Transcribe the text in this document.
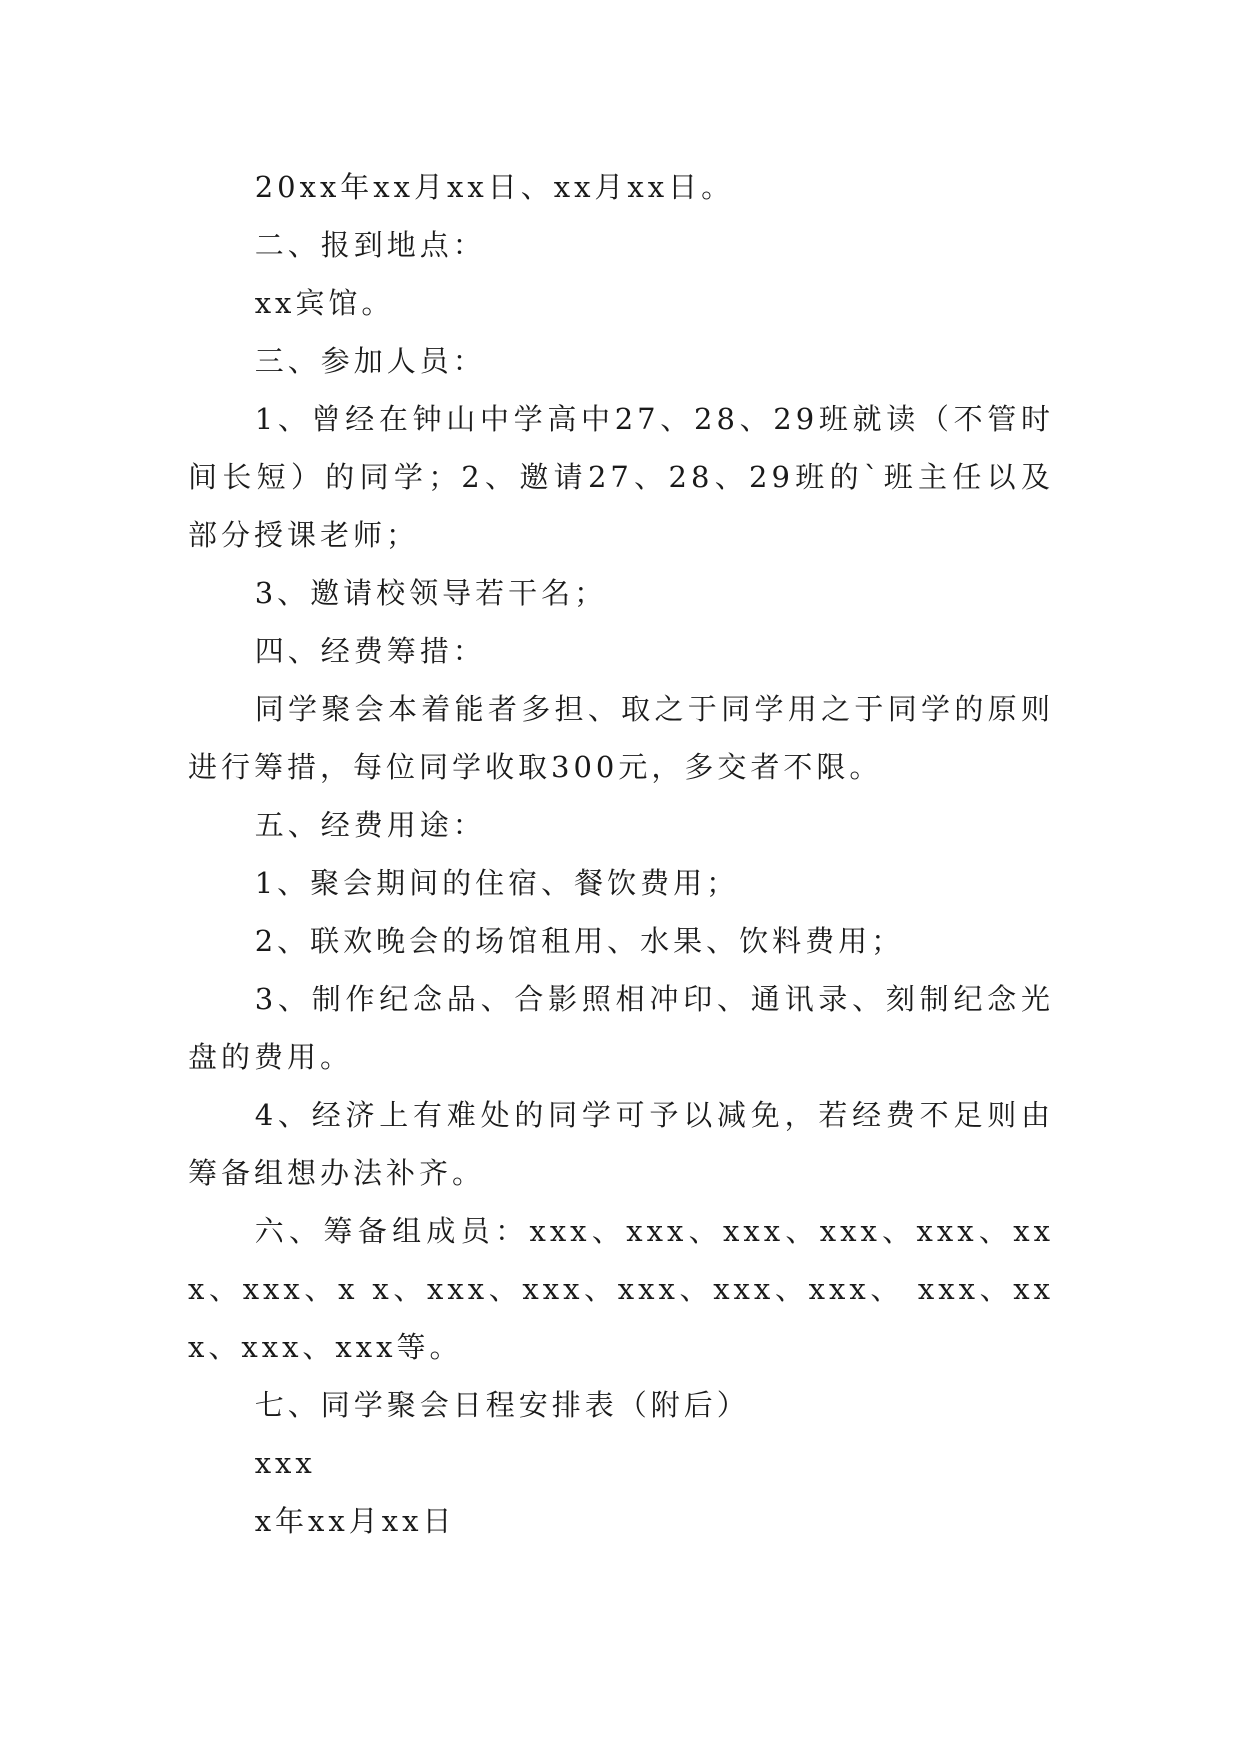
20xx年xx月xx日、xx月xx日。

二、报到地点：

xx宾馆。

三、参加人员：

1、曾经在钟山中学高中27、28、29班就读（不管时间长短）的同学；2、邀请27、28、29班的`班主任以及部分授课老师；

3、邀请校领导若干名；

四、经费筹措：

同学聚会本着能者多担、取之于同学用之于同学的原则进行筹措，每位同学收取300元，多交者不限。

五、经费用途：

1、聚会期间的住宿、餐饮费用；

2、联欢晚会的场馆租用、水果、饮料费用；

3、制作纪念品、合影照相冲印、通讯录、刻制纪念光盘的费用。

4、经济上有难处的同学可予以减免，若经费不足则由筹备组想办法补齐。

六、筹备组成员：xxx、xxx、xxx、xxx、xxx、xxx、xxx、x x、xxx、xxx、xxx、xxx、xxx、 xxx、xxx、xxx、xxx等。

七、同学聚会日程安排表（附后）

xxx

x年xx月xx日
